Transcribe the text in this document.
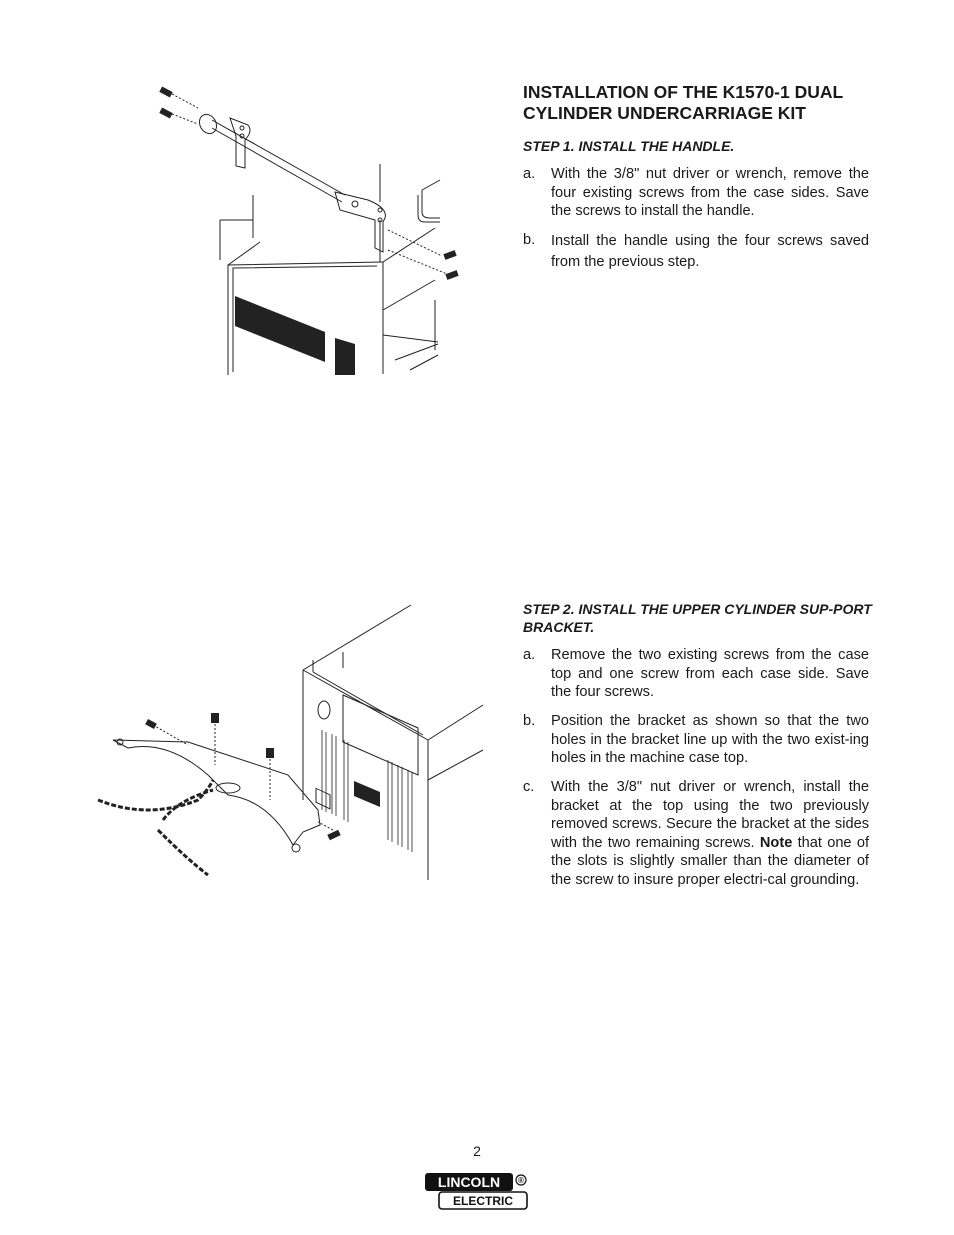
INSTALLATION OF THE K1570-1 DUAL CYLINDER UNDERCARRIAGE KIT

STEP 1. INSTALL THE HANDLE.

a. With the 3/8" nut driver or wrench, remove the four existing screws from the case sides. Save the screws to install the handle.
b. Install the handle using the four screws saved from the previous step.

STEP 2. INSTALL THE UPPER CYLINDER SUP-PORT BRACKET.

a. Remove the two existing screws from the case top and one screw from each case side. Save the four screws.
b. Position the bracket as shown so that the two holes in the bracket line up with the two exist-ing holes in the machine case top.
c. With the 3/8" nut driver or wrench, install the bracket at the top using the two previously removed screws. Secure the bracket at the sides with the two remaining screws. Note that one of the slots is slightly smaller than the diameter of the screw to insure proper electri-cal grounding.
2
LINCOLN ®
ELECTRIC
